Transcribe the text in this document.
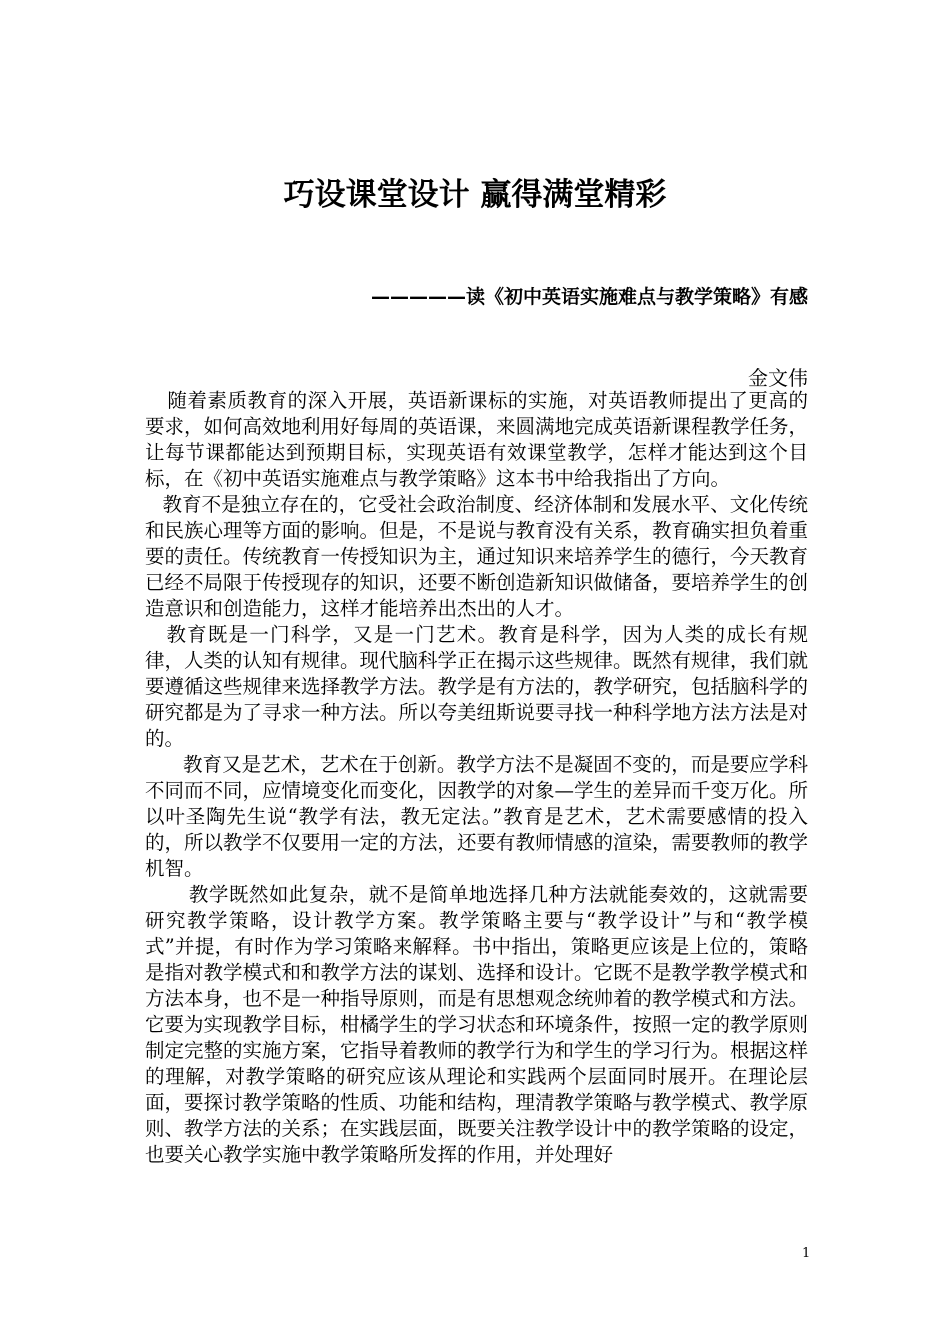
巧设课堂设计 赢得满堂精彩
—————读《初中英语实施难点与教学策略》有感
金文伟

随着素质教育的深入开展，英语新课标的实施，对英语教师提出了更高的要求，如何高效地利用好每周的英语课，来圆满地完成英语新课程教学任务，让每节课都能达到预期目标，实现英语有效课堂教学，怎样才能达到这个目标，在《初中英语实施难点与教学策略》这本书中给我指出了方向。

教育不是独立存在的，它受社会政治制度、经济体制和发展水平、文化传统和民族心理等方面的影响。但是，不是说与教育没有关系，教育确实担负着重要的责任。传统教育一传授知识为主，通过知识来培养学生的德行，今天教育已经不局限于传授现存的知识，还要不断创造新知识做储备，要培养学生的创造意识和创造能力，这样才能培养出杰出的人才。

教育既是一门科学，又是一门艺术。教育是科学，因为人类的成长有规律，人类的认知有规律。现代脑科学正在揭示这些规律。既然有规律，我们就要遵循这些规律来选择教学方法。教学是有方法的，教学研究，包括脑科学的研究都是为了寻求一种方法。所以夸美纽斯说要寻找一种科学地方法方法是对的。

教育又是艺术，艺术在于创新。教学方法不是凝固不变的，而是要应学科不同而不同，应情境变化而变化，因教学的对象—学生的差异而千变万化。所以叶圣陶先生说“教学有法，教无定法。”教育是艺术，艺术需要感情的投入的，所以教学不仅要用一定的方法，还要有教师情感的渲染，需要教师的教学机智。

教学既然如此复杂，就不是简单地选择几种方法就能奏效的，这就需要研究教学策略，设计教学方案。教学策略主要与“教学设计”与和“教学模式”并提，有时作为学习策略来解释。书中指出，策略更应该是上位的，策略是指对教学模式和和教学方法的谋划、选择和设计。它既不是教学教学模式和方法本身，也不是一种指导原则，而是有思想观念统帅着的教学模式和方法。它要为实现教学目标，柑橘学生的学习状态和环境条件，按照一定的教学原则制定完整的实施方案，它指导着教师的教学行为和学生的学习行为。根据这样的理解，对教学策略的研究应该从理论和实践两个层面同时展开。在理论层面，要探讨教学策略的性质、功能和结构，理清教学策略与教学模式、教学原则、教学方法的关系；在实践层面，既要关注教学设计中的教学策略的设定，也要关心教学实施中教学策略所发挥的作用，并处理好

1
